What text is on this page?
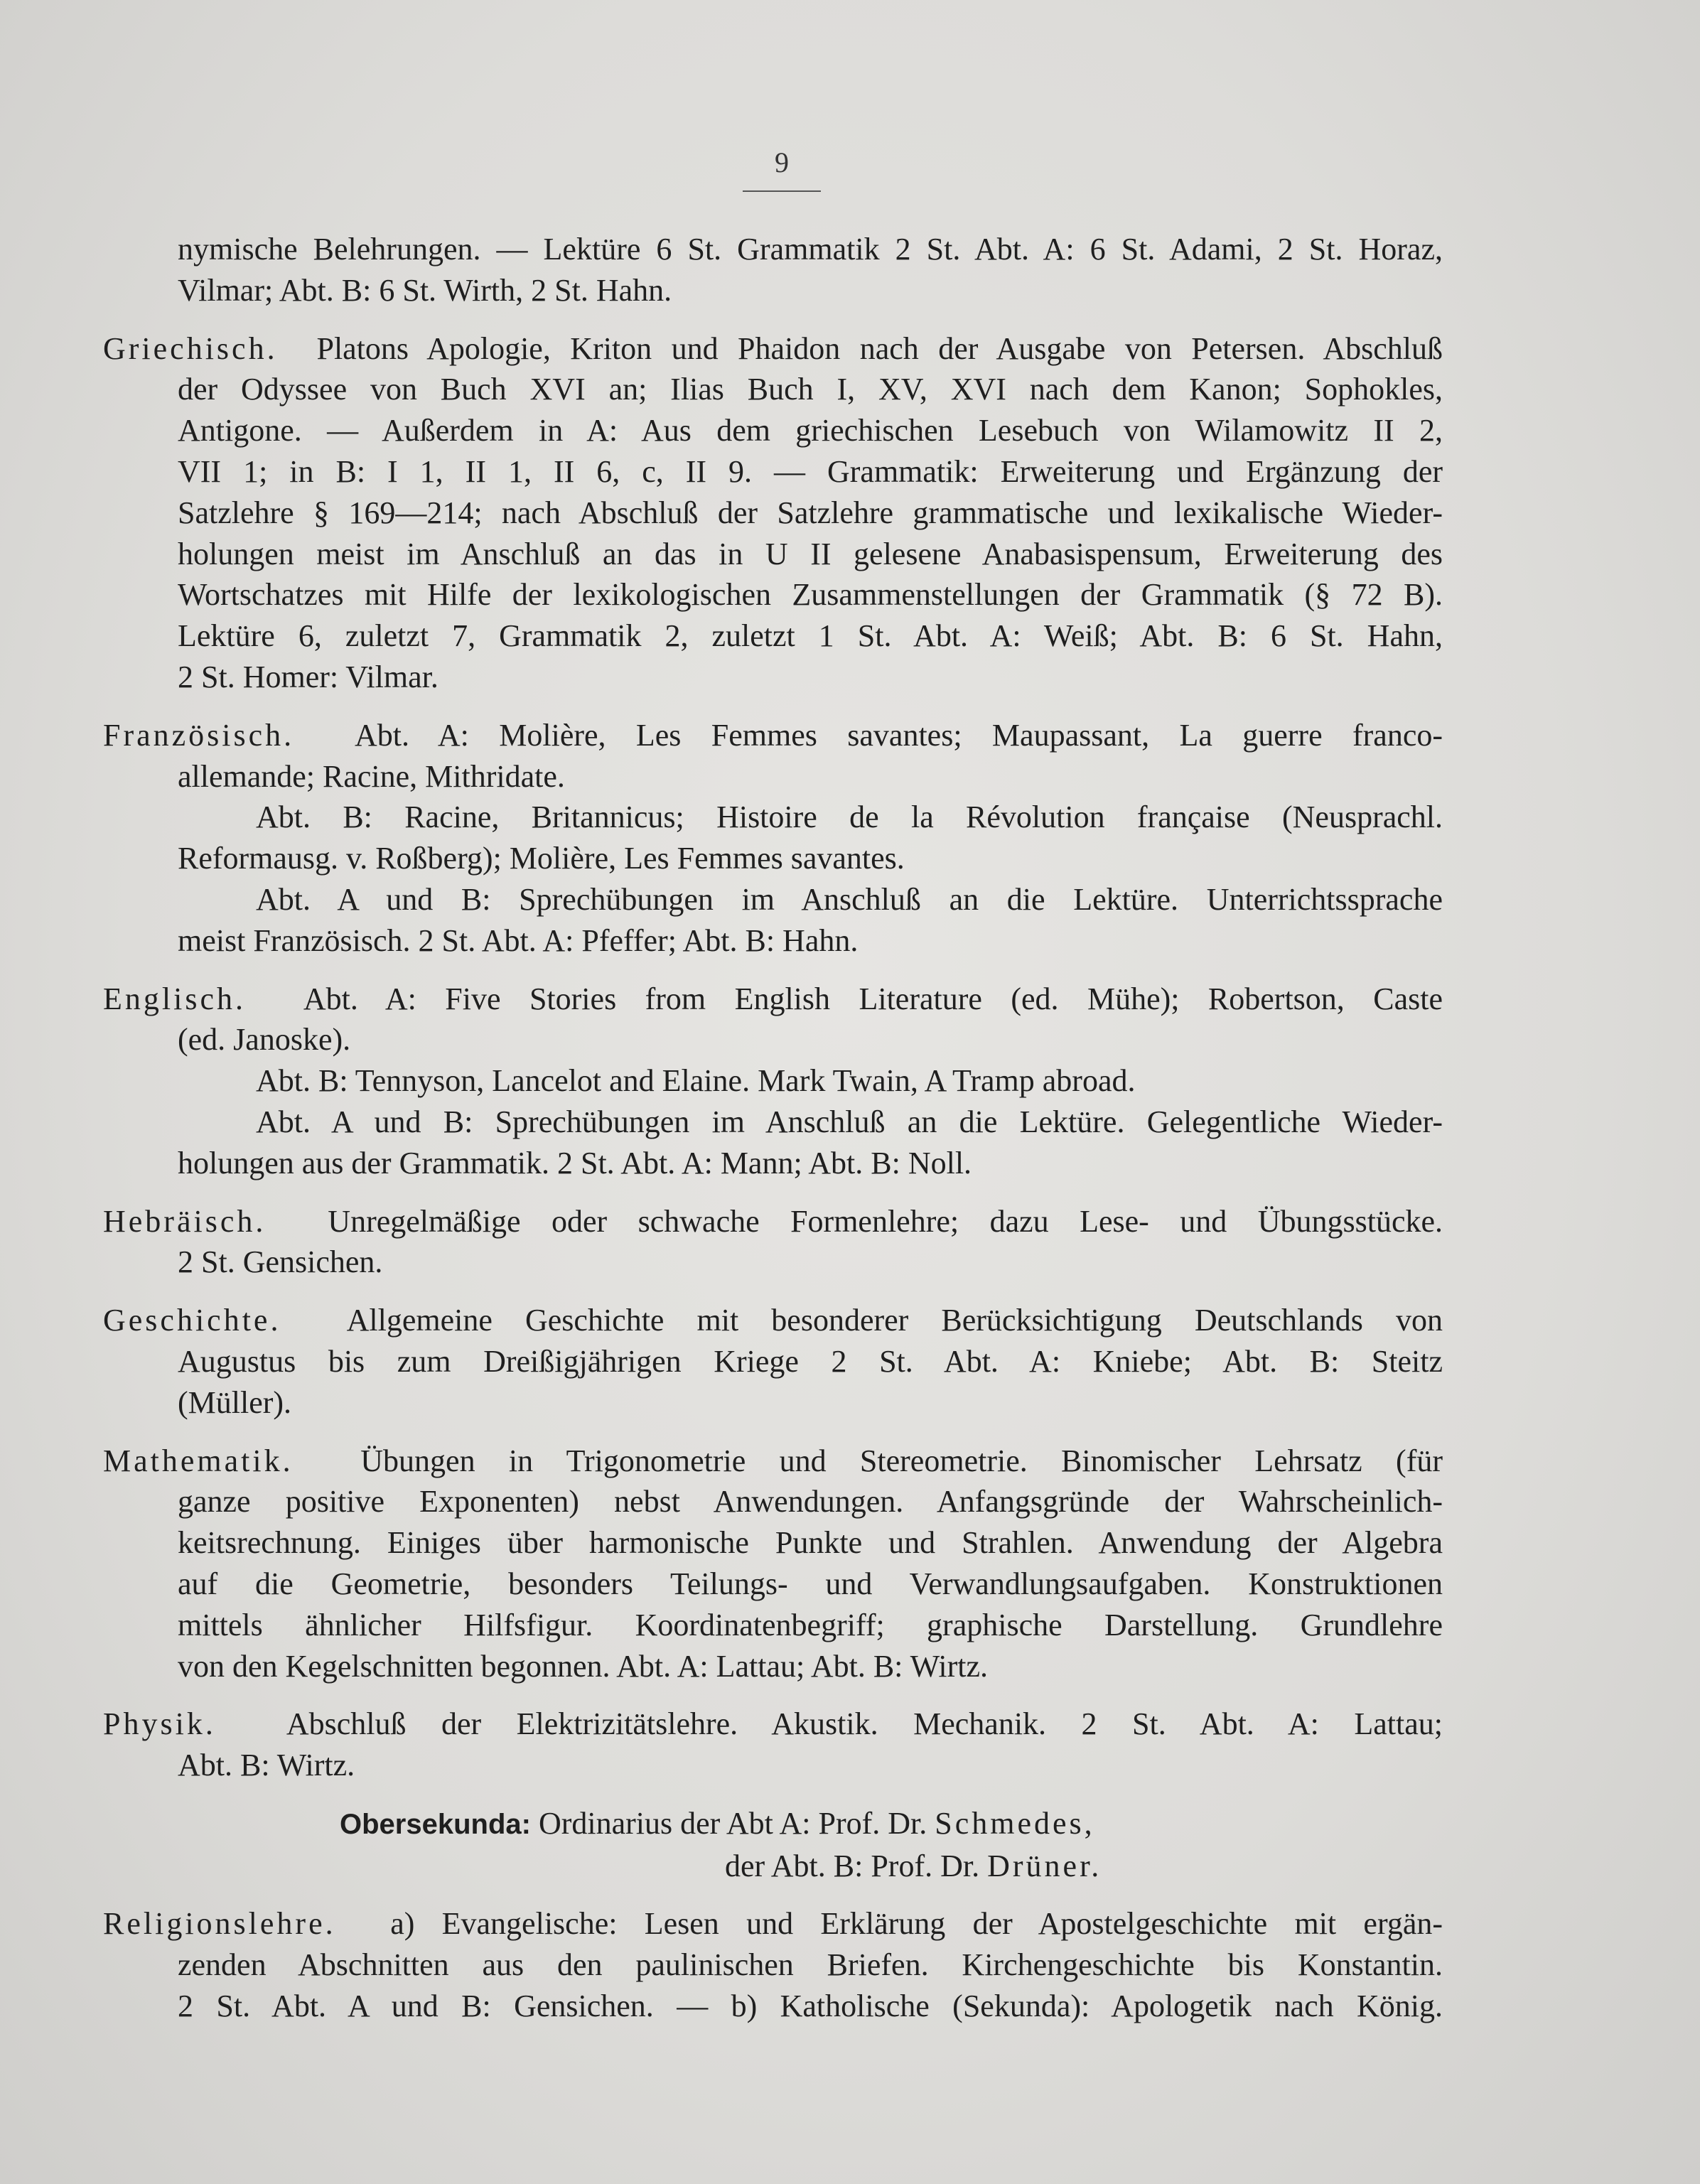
9
nymische Belehrungen. — Lektüre 6 St. Grammatik 2 St. Abt. A: 6 St. Adami, 2 St. Horaz,
Vilmar; Abt. B: 6 St. Wirth, 2 St. Hahn.
Griechisch. Platons Apologie, Kriton und Phaidon nach der Ausgabe von Petersen. Abschluß
der Odyssee von Buch XVI an; Ilias Buch I, XV, XVI nach dem Kanon; Sophokles,
Antigone. — Außerdem in A: Aus dem griechischen Lesebuch von Wilamowitz II 2,
VII 1; in B: I 1, II 1, II 6, c, II 9. — Grammatik: Erweiterung und Ergänzung der
Satzlehre § 169—214; nach Abschluß der Satzlehre grammatische und lexikalische Wieder-
holungen meist im Anschluß an das in U II gelesene Anabasispensum, Erweiterung des
Wortschatzes mit Hilfe der lexikologischen Zusammenstellungen der Grammatik (§ 72 B).
Lektüre 6, zuletzt 7, Grammatik 2, zuletzt 1 St. Abt. A: Weiß; Abt. B: 6 St. Hahn,
2 St. Homer: Vilmar.
Französisch. Abt. A: Molière, Les Femmes savantes; Maupassant, La guerre franco-
allemande; Racine, Mithridate.
Abt. B: Racine, Britannicus; Histoire de la Révolution française (Neusprachl.
Reformausg. v. Roßberg); Molière, Les Femmes savantes.
Abt. A und B: Sprechübungen im Anschluß an die Lektüre. Unterrichtssprache
meist Französisch. 2 St. Abt. A: Pfeffer; Abt. B: Hahn.
Englisch. Abt. A: Five Stories from English Literature (ed. Mühe); Robertson, Caste
(ed. Janoske).
Abt. B: Tennyson, Lancelot and Elaine. Mark Twain, A Tramp abroad.
Abt. A und B: Sprechübungen im Anschluß an die Lektüre. Gelegentliche Wieder-
holungen aus der Grammatik. 2 St. Abt. A: Mann; Abt. B: Noll.
Hebräisch. Unregelmäßige oder schwache Formenlehre; dazu Lese- und Übungsstücke.
2 St. Gensichen.
Geschichte. Allgemeine Geschichte mit besonderer Berücksichtigung Deutschlands von
Augustus bis zum Dreißigjährigen Kriege 2 St. Abt. A: Kniebe; Abt. B: Steitz
(Müller).
Mathematik. Übungen in Trigonometrie und Stereometrie. Binomischer Lehrsatz (für
ganze positive Exponenten) nebst Anwendungen. Anfangsgründe der Wahrscheinlich-
keitsrechnung. Einiges über harmonische Punkte und Strahlen. Anwendung der Algebra
auf die Geometrie, besonders Teilungs- und Verwandlungsaufgaben. Konstruktionen
mittels ähnlicher Hilfsfigur. Koordinatenbegriff; graphische Darstellung. Grundlehre
von den Kegelschnitten begonnen. Abt. A: Lattau; Abt. B: Wirtz.
Physik. Abschluß der Elektrizitätslehre. Akustik. Mechanik. 2 St. Abt. A: Lattau;
Abt. B: Wirtz.
Obersekunda: Ordinarius der Abt A: Prof. Dr. Schmedes,
der Abt. B: Prof. Dr. Drüner.
Religionslehre. a) Evangelische: Lesen und Erklärung der Apostelgeschichte mit ergän-
zenden Abschnitten aus den paulinischen Briefen. Kirchengeschichte bis Konstantin.
2 St. Abt. A und B: Gensichen. — b) Katholische (Sekunda): Apologetik nach König.
